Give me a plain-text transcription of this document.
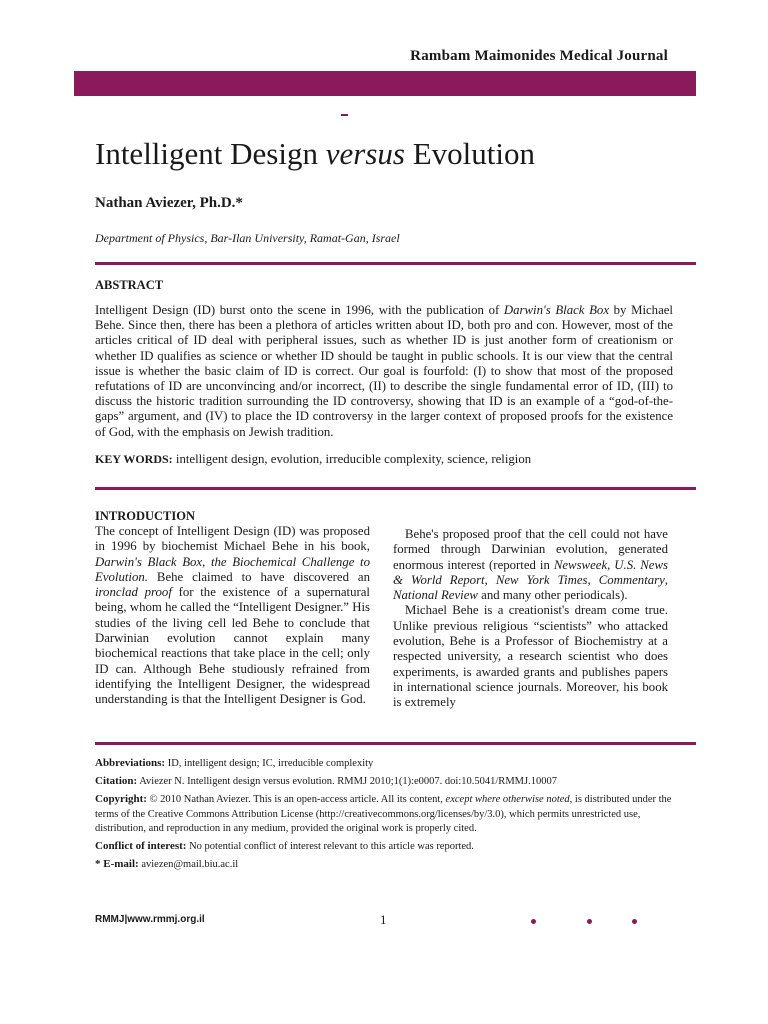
Rambam Maimonides Medical Journal
Intelligent Design versus Evolution
Nathan Aviezer, Ph.D.*
Department of Physics, Bar-Ilan University, Ramat-Gan, Israel
ABSTRACT

Intelligent Design (ID) burst onto the scene in 1996, with the publication of Darwin's Black Box by Michael Behe. Since then, there has been a plethora of articles written about ID, both pro and con. However, most of the articles critical of ID deal with peripheral issues, such as whether ID is just another form of creationism or whether ID qualifies as science or whether ID should be taught in public schools. It is our view that the central issue is whether the basic claim of ID is correct. Our goal is fourfold: (I) to show that most of the proposed refutations of ID are unconvincing and/or incorrect, (II) to describe the single fundamental error of ID, (III) to discuss the historic tradition surrounding the ID controversy, showing that ID is an example of a “god-of-the-gaps” argument, and (IV) to place the ID controversy in the larger context of proposed proofs for the existence of God, with the emphasis on Jewish tradition.

KEY WORDS: intelligent design, evolution, irreducible complexity, science, religion
INTRODUCTION

The concept of Intelligent Design (ID) was proposed in 1996 by biochemist Michael Behe in his book, Darwin's Black Box, the Biochemical Challenge to Evolution. Behe claimed to have discovered an ironclad proof for the existence of a supernatural being, whom he called the “Intelligent Designer.” His studies of the living cell led Behe to conclude that Darwinian evolution cannot explain many biochemical reactions that take place in the cell; only ID can. Although Behe studiously refrained from identifying the Intelligent Designer, the widespread understanding is that the Intelligent Designer is God.

Behe's proposed proof that the cell could not have formed through Darwinian evolution, generated enormous interest (reported in Newsweek, U.S. News & World Report, New York Times, Commentary, National Review and many other periodicals).

Michael Behe is a creationist's dream come true. Unlike previous religious “scientists” who attacked evolution, Behe is a Professor of Biochemistry at a respected university, a research scientist who does experiments, is awarded grants and publishes papers in international science journals. Moreover, his book is extremely

Abbreviations: ID, intelligent design; IC, irreducible complexity
Citation: Aviezer N. Intelligent design versus evolution. RMMJ 2010;1(1):e0007. doi:10.5041/RMMJ.10007
Copyright: © 2010 Nathan Aviezer. This is an open-access article. All its content, except where otherwise noted, is distributed under the terms of the Creative Commons Attribution License (http://creativecommons.org/licenses/by/3.0), which permits unrestricted use, distribution, and reproduction in any medium, provided the original work is properly cited.
Conflict of interest: No potential conflict of interest relevant to this article was reported.
* E-mail: aviezen@mail.biu.ac.il
RMMJ|www.rmmj.org.il	1
